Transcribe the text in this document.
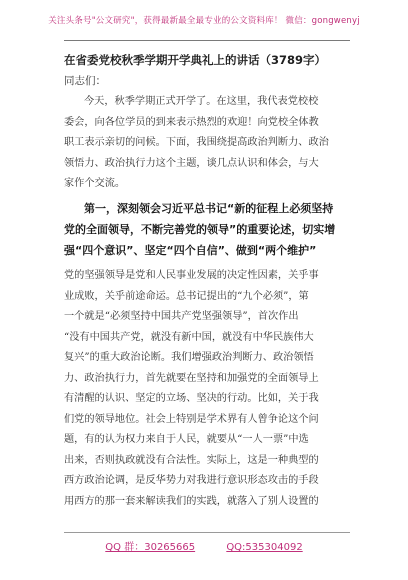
关注头条号"公文研究"，获得最新最全最专业的公文资料库！ 微信：gongwenyj
在省委党校秋季学期开学典礼上的讲话（3789字）
同志们：
今天，秋季学期正式开学了。在这里，我代表党校校
委会，向各位学员的到来表示热烈的欢迎！向党校全体教
职工表示亲切的问候。下面，我围绕提高政治判断力、政治
领悟力、政治执行力这个主题，谈几点认识和体会，与大
家作个交流。
第一，深刻领会习近平总书记“新的征程上必须坚持
党的全面领导，不断完善党的领导”的重要论述，切实增
强“四个意识”、坚定“四个自信”、做到“两个维护”
党的坚强领导是党和人民事业发展的决定性因素，关乎事
业成败，关乎前途命运。总书记提出的“九个必须”，第
一个就是“必须坚持中国共产党坚强领导”，首次作出
“没有中国共产党，就没有新中国，就没有中华民族伟大
复兴”的重大政治论断。我们增强政治判断力、政治领悟
力、政治执行力，首先就要在坚持和加强党的全面领导上
有清醒的认识、坚定的立场、坚决的行动。比如，关于我
们党的领导地位。社会上特别是学术界有人曾争论这个问
题，有的认为权力来自于人民，就要从“一人一票”中选
出来，否则执政就没有合法性。实际上，这是一种典型的
西方政治论调，是反华势力对我进行意识形态攻击的手段
用西方的那一套来解读我们的实践，就落入了别人设置的
QQ 群：30265665	QQ:535304092
